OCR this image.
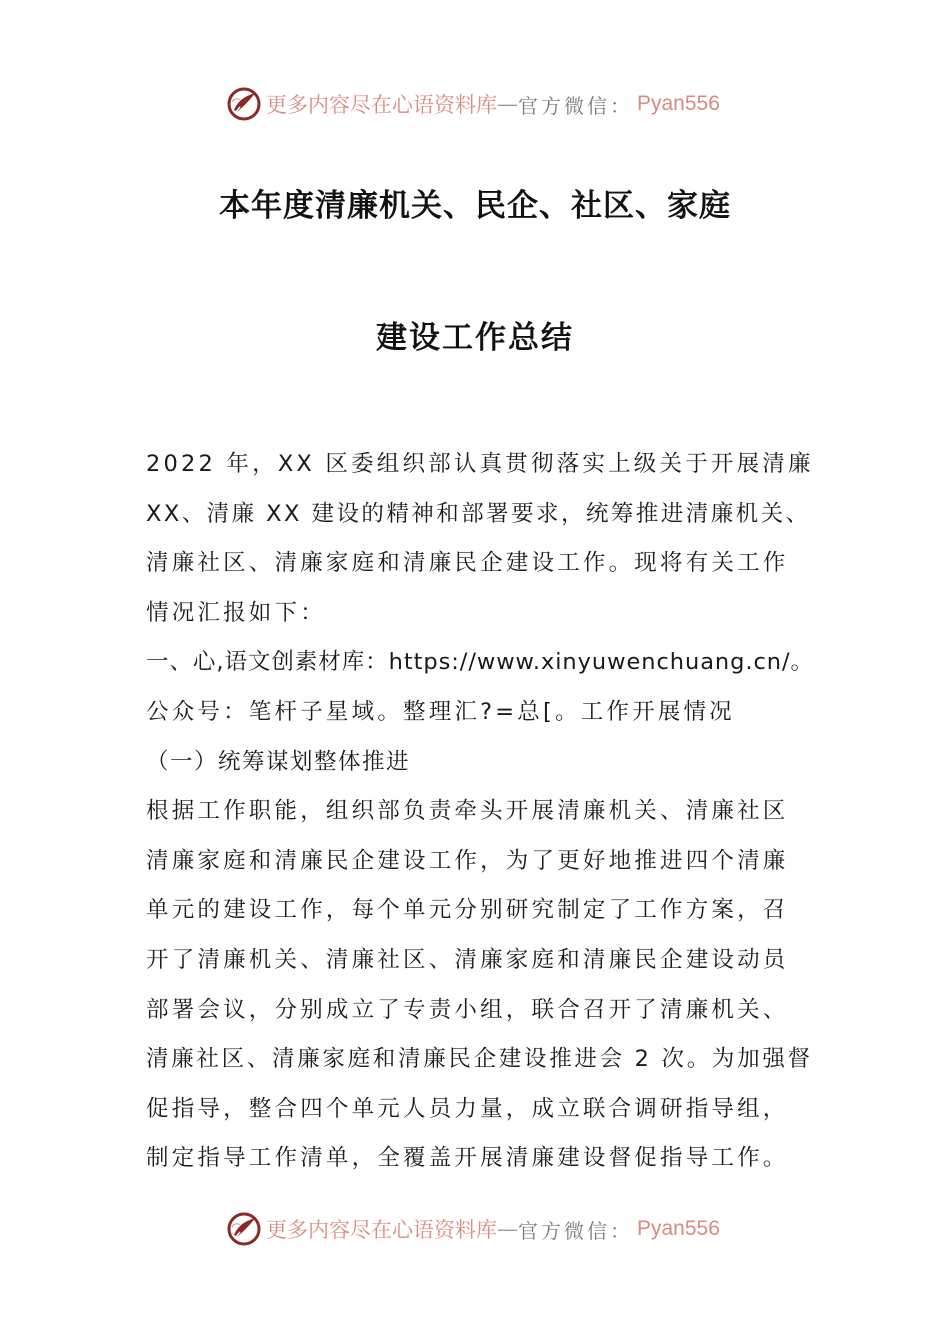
更多内容尽在心语资料库 — 官方微信： Pyan556
本年度清廉机关、民企、社区、家庭
建设工作总结
2022 年，XX 区委组织部认真贯彻落实上级关于开展清廉
XX、清廉 XX 建设的精神和部署要求，统筹推进清廉机关、
清廉社区、清廉家庭和清廉民企建设工作。现将有关工作
情况汇报如下：
一、心,语文创素材库：https://www.xinyuwenchuang.cn/。
公众号：笔杆子星域。整理汇?=总[。工作开展情况
（一）统筹谋划整体推进
根据工作职能，组织部负责牵头开展清廉机关、清廉社区
清廉家庭和清廉民企建设工作，为了更好地推进四个清廉
单元的建设工作，每个单元分别研究制定了工作方案，召
开了清廉机关、清廉社区、清廉家庭和清廉民企建设动员
部署会议，分别成立了专责小组，联合召开了清廉机关、
清廉社区、清廉家庭和清廉民企建设推进会 2 次。为加强督
促指导，整合四个单元人员力量，成立联合调研指导组，
制定指导工作清单，全覆盖开展清廉建设督促指导工作。
更多内容尽在心语资料库 — 官方微信： Pyan556
